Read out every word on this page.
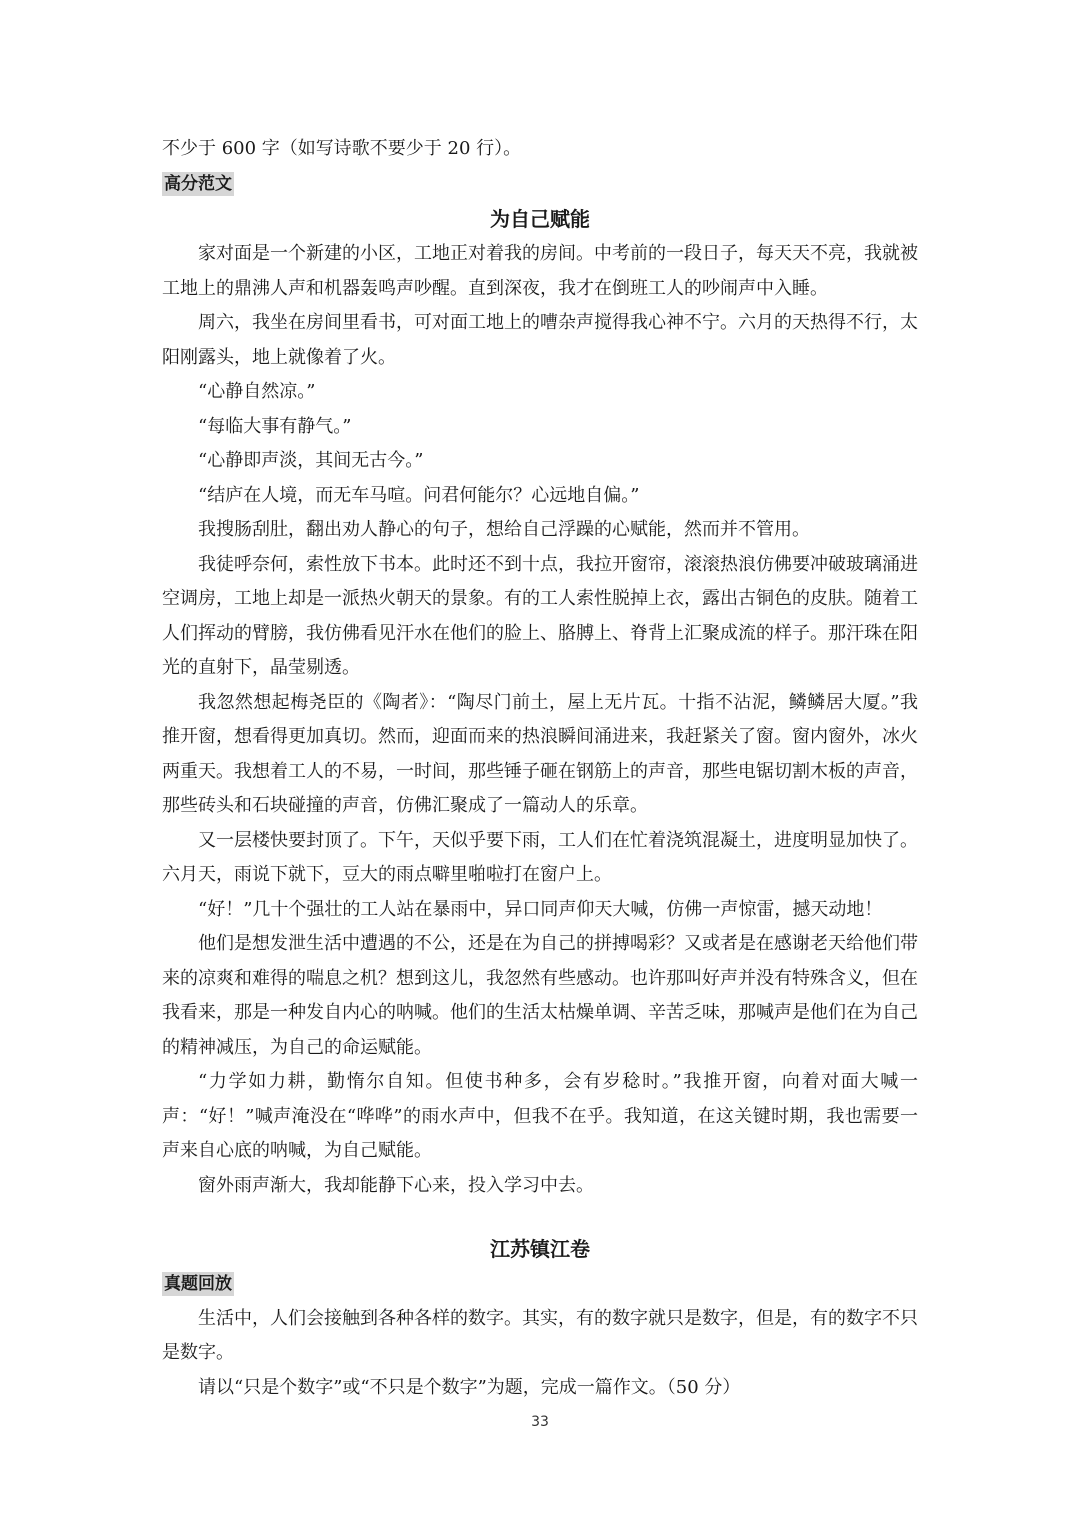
不少于 600 字（如写诗歌不要少于 20 行）。

高分范文
为自己赋能

家对面是一个新建的小区，工地正对着我的房间。中考前的一段日子，每天天不亮，我就被工地上的鼎沸人声和机器轰鸣声吵醒。直到深夜，我才在倒班工人的吵闹声中入睡。

周六，我坐在房间里看书，可对面工地上的嘈杂声搅得我心神不宁。六月的天热得不行，太阳刚露头，地上就像着了火。

“心静自然凉。”

“每临大事有静气。”

“心静即声淡，其间无古今。”

“结庐在人境，而无车马喧。问君何能尔？心远地自偏。”

我搜肠刮肚，翻出劝人静心的句子，想给自己浮躁的心赋能，然而并不管用。

我徒呼奈何，索性放下书本。此时还不到十点，我拉开窗帘，滚滚热浪仿佛要冲破玻璃涌进空调房，工地上却是一派热火朝天的景象。有的工人索性脱掉上衣，露出古铜色的皮肤。随着工人们挥动的臂膀，我仿佛看见汗水在他们的脸上、胳膊上、脊背上汇聚成流的样子。那汗珠在阳光的直射下，晶莹剔透。

我忽然想起梅尧臣的《陶者》：“陶尽门前土，屋上无片瓦。十指不沾泥，鳞鳞居大厦。”我推开窗，想看得更加真切。然而，迎面而来的热浪瞬间涌进来，我赶紧关了窗。窗内窗外，冰火两重天。我想着工人的不易，一时间，那些锤子砸在钢筋上的声音，那些电锯切割木板的声音，那些砖头和石块碰撞的声音，仿佛汇聚成了一篇动人的乐章。

又一层楼快要封顶了。下午，天似乎要下雨，工人们在忙着浇筑混凝土，进度明显加快了。六月天，雨说下就下，豆大的雨点噼里啪啦打在窗户上。

“好！”几十个强壮的工人站在暴雨中，异口同声仰天大喊，仿佛一声惊雷，撼天动地！

他们是想发泄生活中遭遇的不公，还是在为自己的拼搏喝彩？又或者是在感谢老天给他们带来的凉爽和难得的喘息之机？想到这儿，我忽然有些感动。也许那叫好声并没有特殊含义，但在我看来，那是一种发自内心的呐喊。他们的生活太枯燥单调、辛苦乏味，那喊声是他们在为自己的精神减压，为自己的命运赋能。

“力学如力耕，勤惰尔自知。但使书种多，会有岁稔时。”我推开窗，向着对面大喊一声：“好！”喊声淹没在“哗哗”的雨水声中，但我不在乎。我知道，在这关键时期，我也需要一声来自心底的呐喊，为自己赋能。

窗外雨声渐大，我却能静下心来，投入学习中去。

江苏镇江卷
真题回放

生活中，人们会接触到各种各样的数字。其实，有的数字就只是数字，但是，有的数字不只是数字。

请以“只是个数字”或“不只是个数字”为题，完成一篇作文。（50 分）

33
